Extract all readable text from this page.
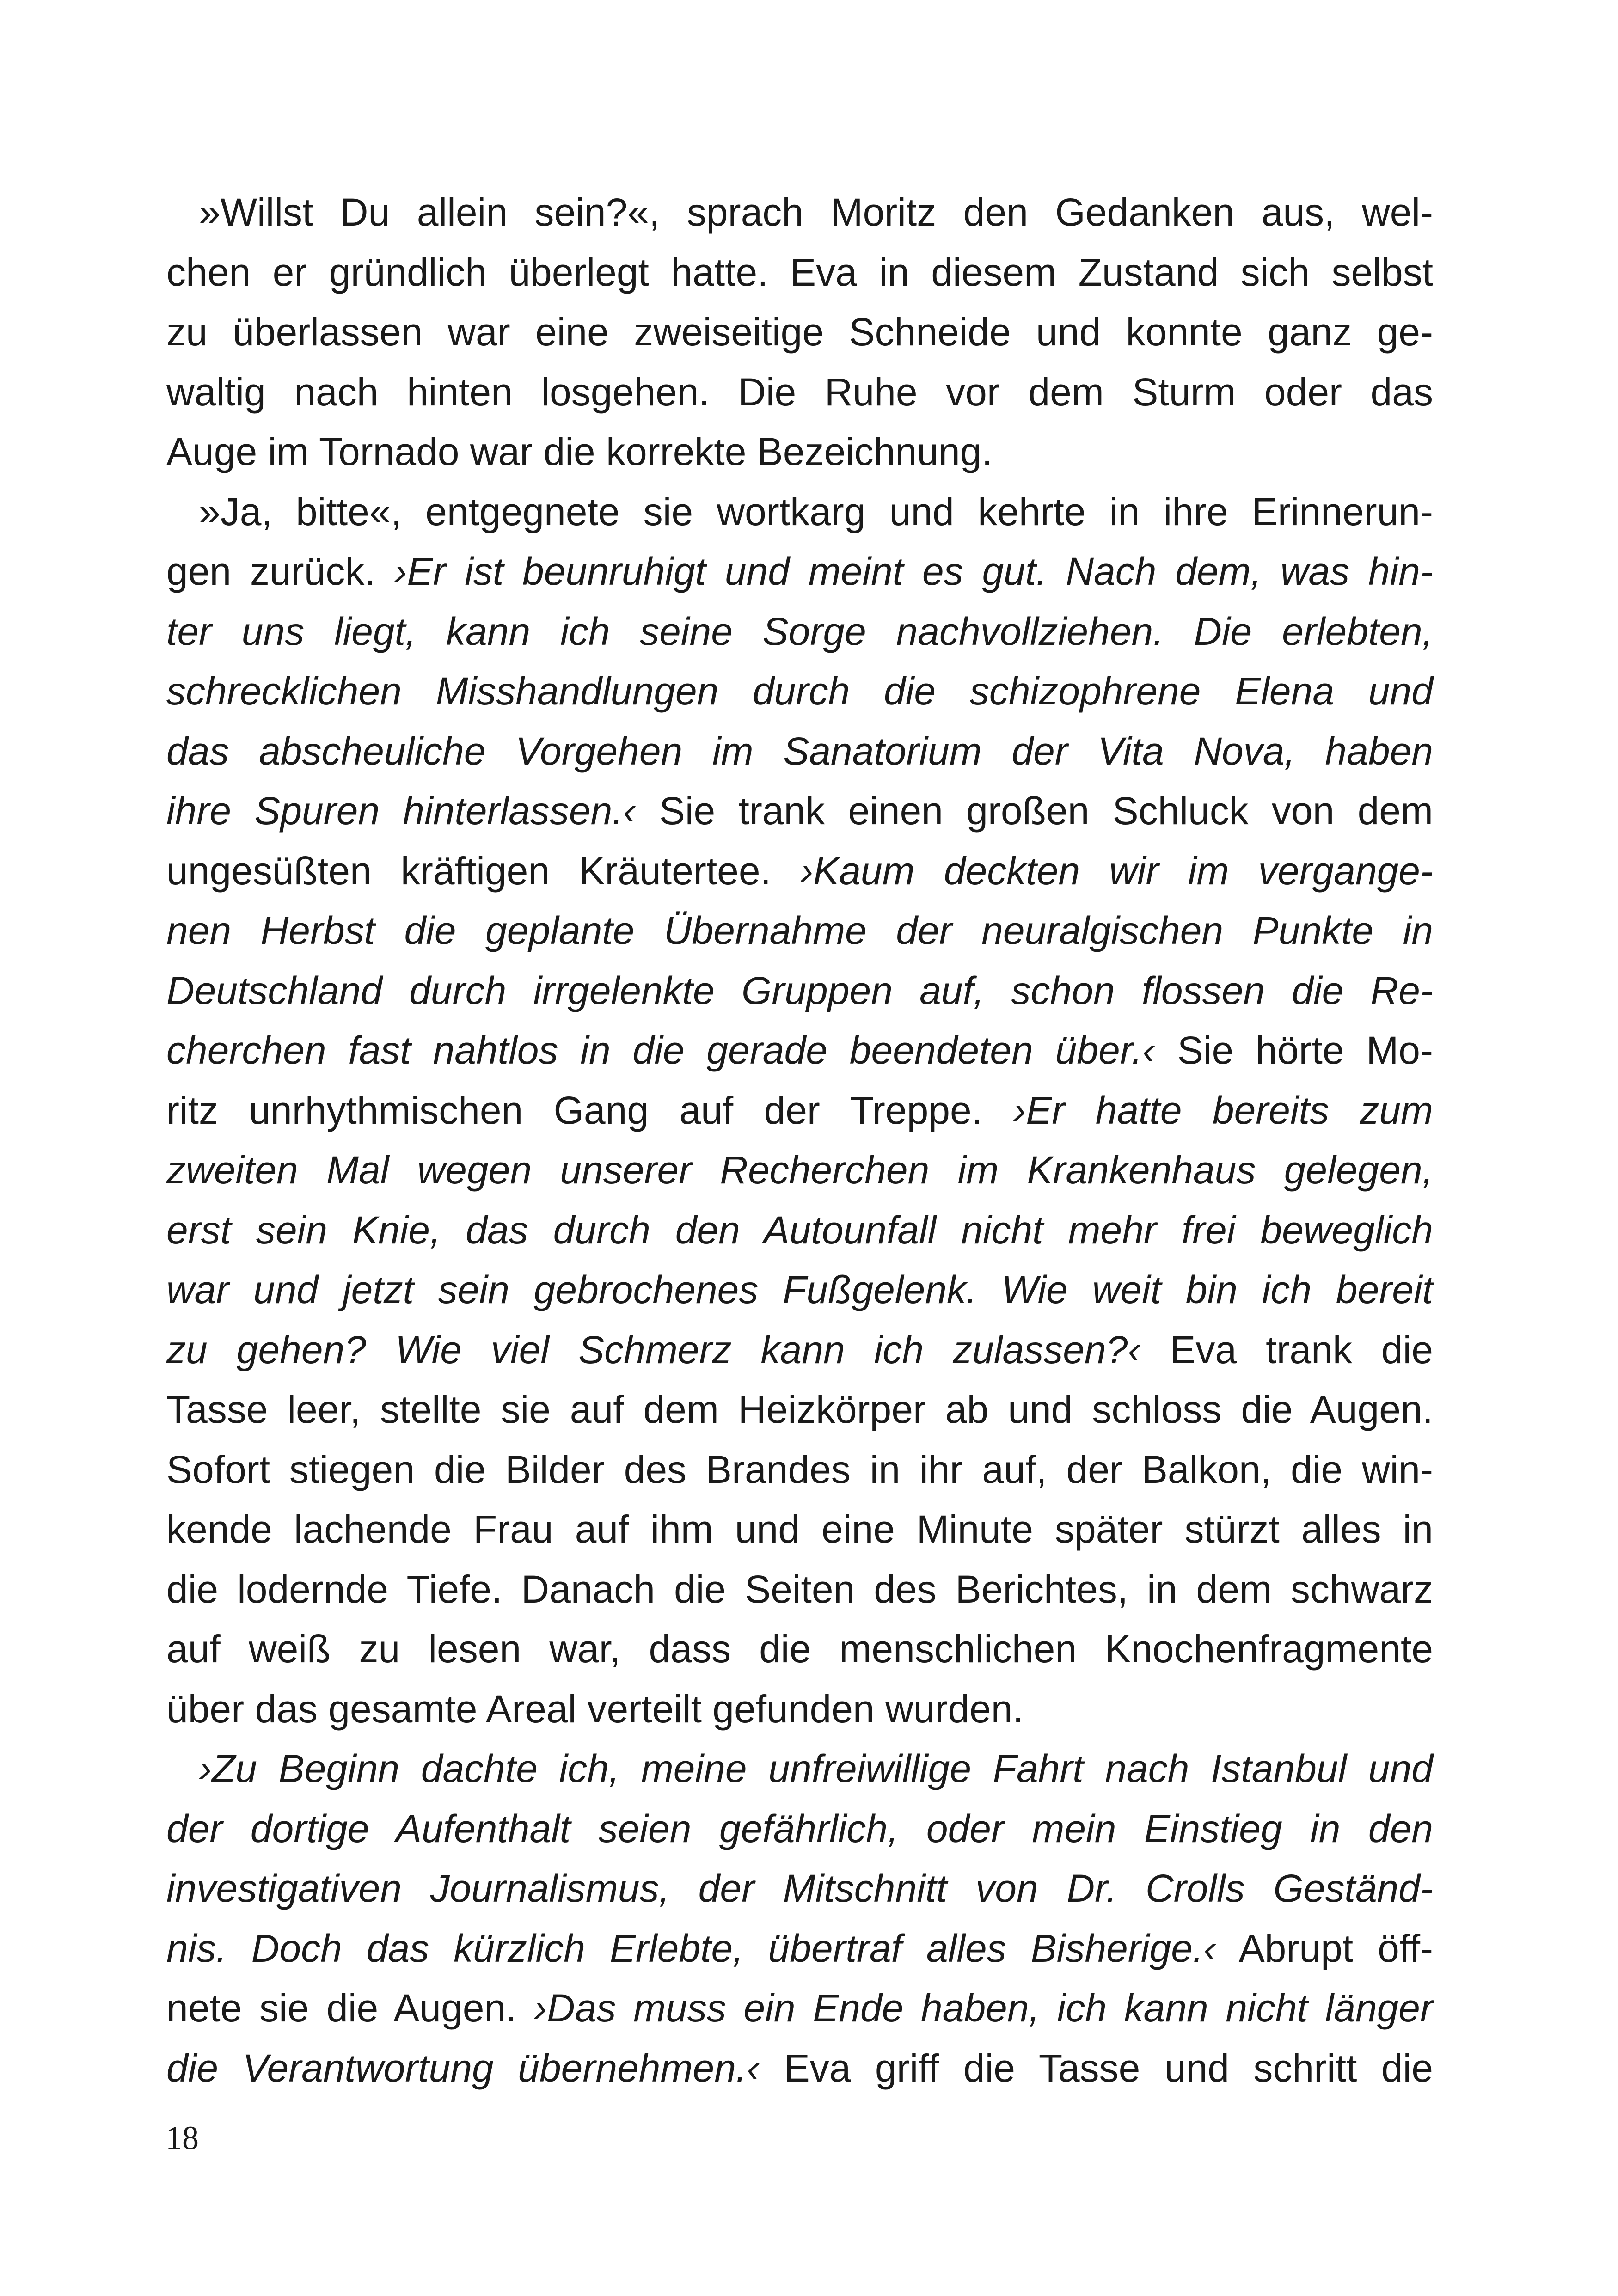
»Willst Du allein sein?«, sprach Moritz den Gedanken aus, wel-
chen er gründlich überlegt hatte. Eva in diesem Zustand sich selbst
zu überlassen war eine zweiseitige Schneide und konnte ganz ge-
waltig nach hinten losgehen. Die Ruhe vor dem Sturm oder das
Auge im Tornado war die korrekte Bezeichnung.
»Ja, bitte«, entgegnete sie wortkarg und kehrte in ihre Erinnerun-
gen zurück. ›Er ist beunruhigt und meint es gut. Nach dem, was hin-
ter uns liegt, kann ich seine Sorge nachvollziehen. Die erlebten,
schrecklichen Misshandlungen durch die schizophrene Elena und
das abscheuliche Vorgehen im Sanatorium der Vita Nova, haben
ihre Spuren hinterlassen.‹ Sie trank einen großen Schluck von dem
ungesüßten kräftigen Kräutertee. ›Kaum deckten wir im vergange-
nen Herbst die geplante Übernahme der neuralgischen Punkte in
Deutschland durch irrgelenkte Gruppen auf, schon flossen die Re-
cherchen fast nahtlos in die gerade beendeten über.‹ Sie hörte Mo-
ritz unrhythmischen Gang auf der Treppe. ›Er hatte bereits zum
zweiten Mal wegen unserer Recherchen im Krankenhaus gelegen,
erst sein Knie, das durch den Autounfall nicht mehr frei beweglich
war und jetzt sein gebrochenes Fußgelenk. Wie weit bin ich bereit
zu gehen? Wie viel Schmerz kann ich zulassen?‹ Eva trank die
Tasse leer, stellte sie auf dem Heizkörper ab und schloss die Augen.
Sofort stiegen die Bilder des Brandes in ihr auf, der Balkon, die win-
kende lachende Frau auf ihm und eine Minute später stürzt alles in
die lodernde Tiefe. Danach die Seiten des Berichtes, in dem schwarz
auf weiß zu lesen war, dass die menschlichen Knochenfragmente
über das gesamte Areal verteilt gefunden wurden.
›Zu Beginn dachte ich, meine unfreiwillige Fahrt nach Istanbul und
der dortige Aufenthalt seien gefährlich, oder mein Einstieg in den
investigativen Journalismus, der Mitschnitt von Dr. Crolls Geständ-
nis. Doch das kürzlich Erlebte, übertraf alles Bisherige.‹ Abrupt öff-
nete sie die Augen. ›Das muss ein Ende haben, ich kann nicht länger
die Verantwortung übernehmen.‹ Eva griff die Tasse und schritt die
18
